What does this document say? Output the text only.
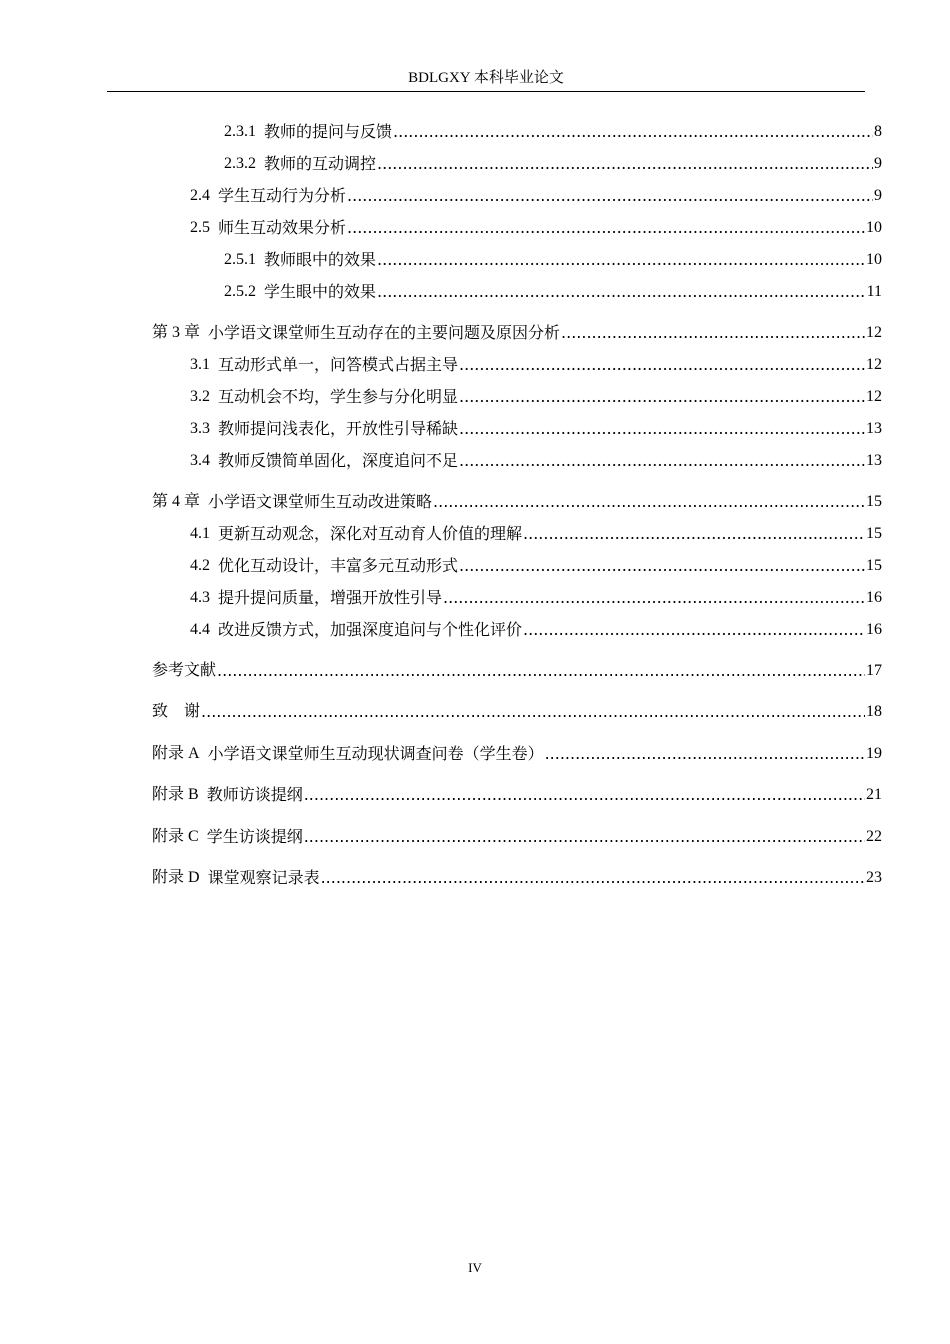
BDLGXY 本科毕业论文
2.3.1 教师的提问与反馈 .....	8
2.3.2 教师的互动调控 .....	9
2.4 学生互动行为分析 .....	9
2.5 师生互动效果分析 .....	10
2.5.1 教师眼中的效果 .....	10
2.5.2 学生眼中的效果 .....	11
第 3 章 小学语文课堂师生互动存在的主要问题及原因分析 .....	12
3.1 互动形式单一，问答模式占据主导 .....	12
3.2 互动机会不均，学生参与分化明显 .....	12
3.3 教师提问浅表化，开放性引导稀缺 .....	13
3.4 教师反馈简单固化，深度追问不足 .....	13
第 4 章 小学语文课堂师生互动改进策略 .....	15
4.1 更新互动观念，深化对互动育人价值的理解 .....	15
4.2 优化互动设计，丰富多元互动形式 .....	15
4.3 提升提问质量，增强开放性引导 .....	16
4.4 改进反馈方式，加强深度追问与个性化评价 .....	16
参考文献 .....	17
致　谢 .....	18
附录 A 小学语文课堂师生互动现状调查问卷（学生卷） .....	19
附录 B 教师访谈提纲 .....	21
附录 C 学生访谈提纲 .....	22
附录 D 课堂观察记录表 .....	23
IV
